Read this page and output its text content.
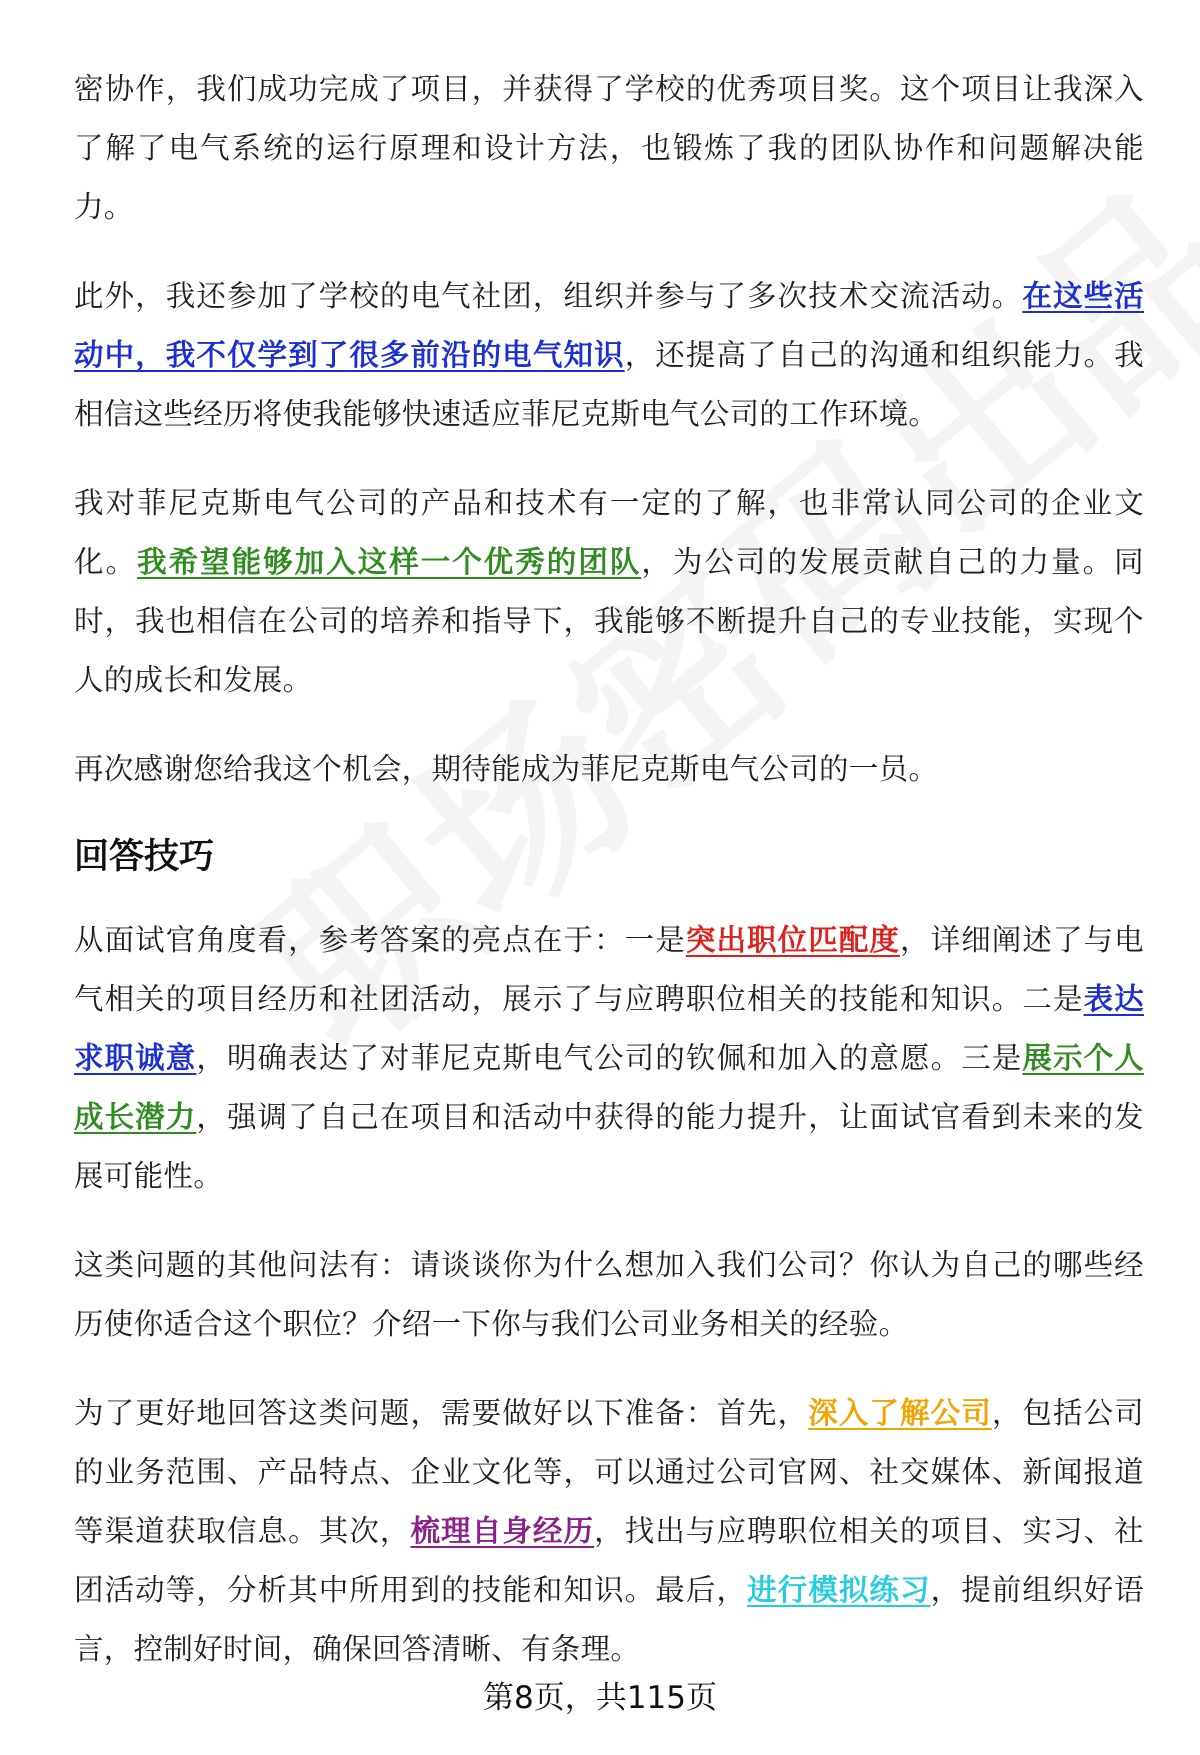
密协作，我们成功完成了项目，并获得了学校的优秀项目奖。这个项目让我深入了解了电气系统的运行原理和设计方法，也锻炼了我的团队协作和问题解决能力。

此外，我还参加了学校的电气社团，组织并参与了多次技术交流活动。在这些活动中，我不仅学到了很多前沿的电气知识，还提高了自己的沟通和组织能力。我相信这些经历将使我能够快速适应菲尼克斯电气公司的工作环境。

我对菲尼克斯电气公司的产品和技术有一定的了解，也非常认同公司的企业文化。我希望能够加入这样一个优秀的团队，为公司的发展贡献自己的力量。同时，我也相信在公司的培养和指导下，我能够不断提升自己的专业技能，实现个人的成长和发展。

再次感谢您给我这个机会，期待能成为菲尼克斯电气公司的一员。

回答技巧

从面试官角度看，参考答案的亮点在于：一是突出职位匹配度，详细阐述了与电气相关的项目经历和社团活动，展示了与应聘职位相关的技能和知识。二是表达求职诚意，明确表达了对菲尼克斯电气公司的钦佩和加入的意愿。三是展示个人成长潜力，强调了自己在项目和活动中获得的能力提升，让面试官看到未来的发展可能性。

这类问题的其他问法有：请谈谈你为什么想加入我们公司？你认为自己的哪些经历使你适合这个职位？介绍一下你与我们公司业务相关的经验。

为了更好地回答这类问题，需要做好以下准备：首先，深入了解公司，包括公司的业务范围、产品特点、企业文化等，可以通过公司官网、社交媒体、新闻报道等渠道获取信息。其次，梳理自身经历，找出与应聘职位相关的项目、实习、社团活动等，分析其中所用到的技能和知识。最后，进行模拟练习，提前组织好语言，控制好时间，确保回答清晰、有条理。

第8页，共115页
